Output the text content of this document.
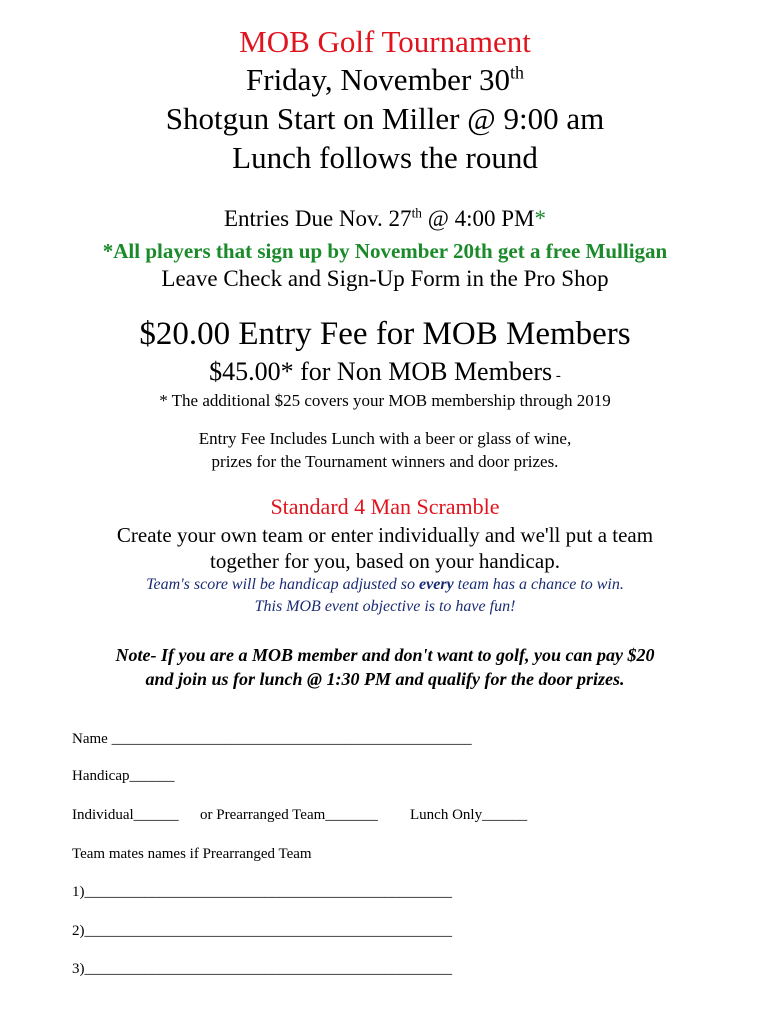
MOB Golf Tournament
Friday, November 30th
Shotgun Start on Miller @ 9:00 am
Lunch follows the round
Entries Due Nov. 27th @ 4:00 PM*
*All players that sign up by November 20th get a free Mulligan
Leave Check and Sign-Up Form in the Pro Shop
$20.00 Entry Fee for MOB Members
$45.00* for Non MOB Members -
* The additional $25 covers your MOB membership through 2019
Entry Fee Includes Lunch with a beer or glass of wine,
prizes for the Tournament winners and door prizes.
Standard 4 Man Scramble
Create your own team or enter individually and we'll put a team
together for you, based on your handicap.
Team's score will be handicap adjusted so every team has a chance to win.
This MOB event objective is to have fun!
Note- If you are a MOB member and don't want to golf, you can pay $20
and join us for lunch @ 1:30 PM and qualify for the door prizes.
Name ________________________________________________
Handicap______
Individual______ or Prearranged Team_______ Lunch Only______
Team mates names if Prearranged Team
1)_________________________________________________
2)_________________________________________________
3)_________________________________________________
